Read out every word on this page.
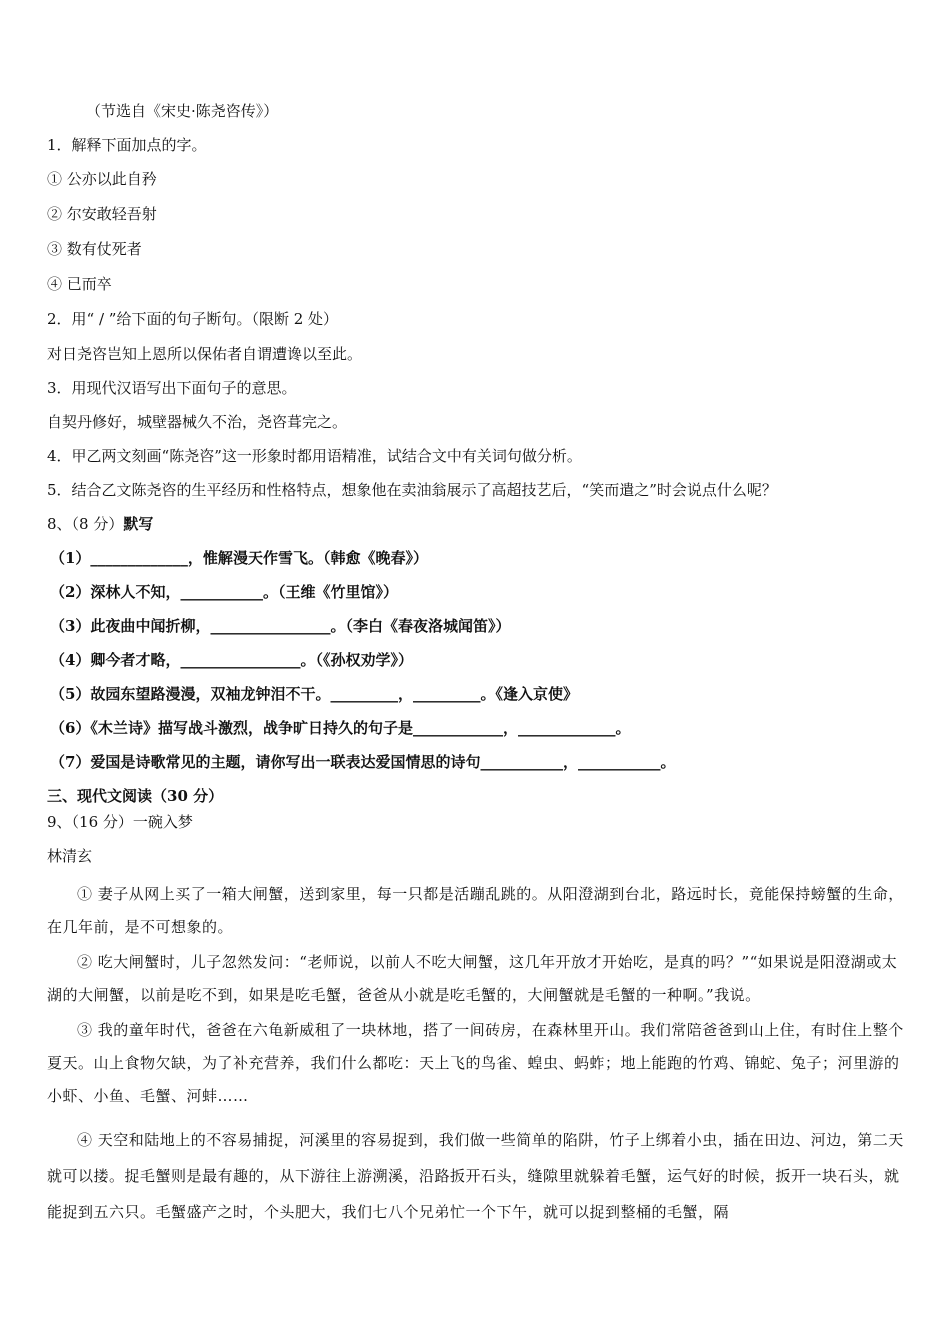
（节选自《宋史·陈尧咨传》）

1．解释下面加点的字。

① 公亦以此自矜

② 尔安敢轻吾射

③ 数有仗死者

④ 已而卒

2．用“ / ”给下面的句子断句。（限断 2 处）

对日尧咨岂知上恩所以保佑者自谓遭谗以至此。

3．用现代汉语写出下面句子的意思。

自契丹修好，城壁器械久不治，尧咨葺完之。

4．甲乙两文刻画“陈尧咨”这一形象时都用语精准，试结合文中有关词句做分析。

5．结合乙文陈尧咨的生平经历和性格特点，想象他在卖油翁展示了高超技艺后，“笑而遣之”时会说点什么呢？

8、（8 分）默写

（1）_____________，惟解漫天作雪飞。（韩愈《晚春》）

（2）深林人不知，___________。（王维《竹里馆》）

（3）此夜曲中闻折柳，________________。（李白《春夜洛城闻笛》）

（4）卿今者才略，________________。（《孙权劝学》）

（5）故园东望路漫漫，双袖龙钟泪不干。_________，_________。《逢入京使》

（6）《木兰诗》描写战斗激烈，战争旷日持久的句子是____________，_____________。

（7）爱国是诗歌常见的主题，请你写出一联表达爱国情思的诗句___________，___________。

三、现代文阅读（30 分）

9、（16 分）一碗入梦

林清玄

① 妻子从网上买了一箱大闸蟹，送到家里，每一只都是活蹦乱跳的。从阳澄湖到台北，路远时长，竟能保持螃蟹的生命，在几年前，是不可想象的。

② 吃大闸蟹时，儿子忽然发问：“老师说，以前人不吃大闸蟹，这几年开放才开始吃，是真的吗？”“如果说是阳澄湖或太湖的大闸蟹，以前是吃不到，如果是吃毛蟹，爸爸从小就是吃毛蟹的，大闸蟹就是毛蟹的一种啊。”我说。

③ 我的童年时代，爸爸在六龟新威租了一块林地，搭了一间砖房，在森林里开山。我们常陪爸爸到山上住，有时住上整个夏天。山上食物欠缺，为了补充营养，我们什么都吃：天上飞的鸟雀、蝗虫、蚂蚱；地上能跑的竹鸡、锦蛇、兔子；河里游的小虾、小鱼、毛蟹、河蚌……

④ 天空和陆地上的不容易捕捉，河溪里的容易捉到，我们做一些简单的陷阱，竹子上绑着小虫，插在田边、河边，第二天就可以搂。捉毛蟹则是最有趣的，从下游往上游溯溪，沿路扳开石头，缝隙里就躲着毛蟹，运气好的时候，扳开一块石头，就能捉到五六只。毛蟹盛产之时，个头肥大，我们七八个兄弟忙一个下午，就可以捉到整桶的毛蟹，隔
